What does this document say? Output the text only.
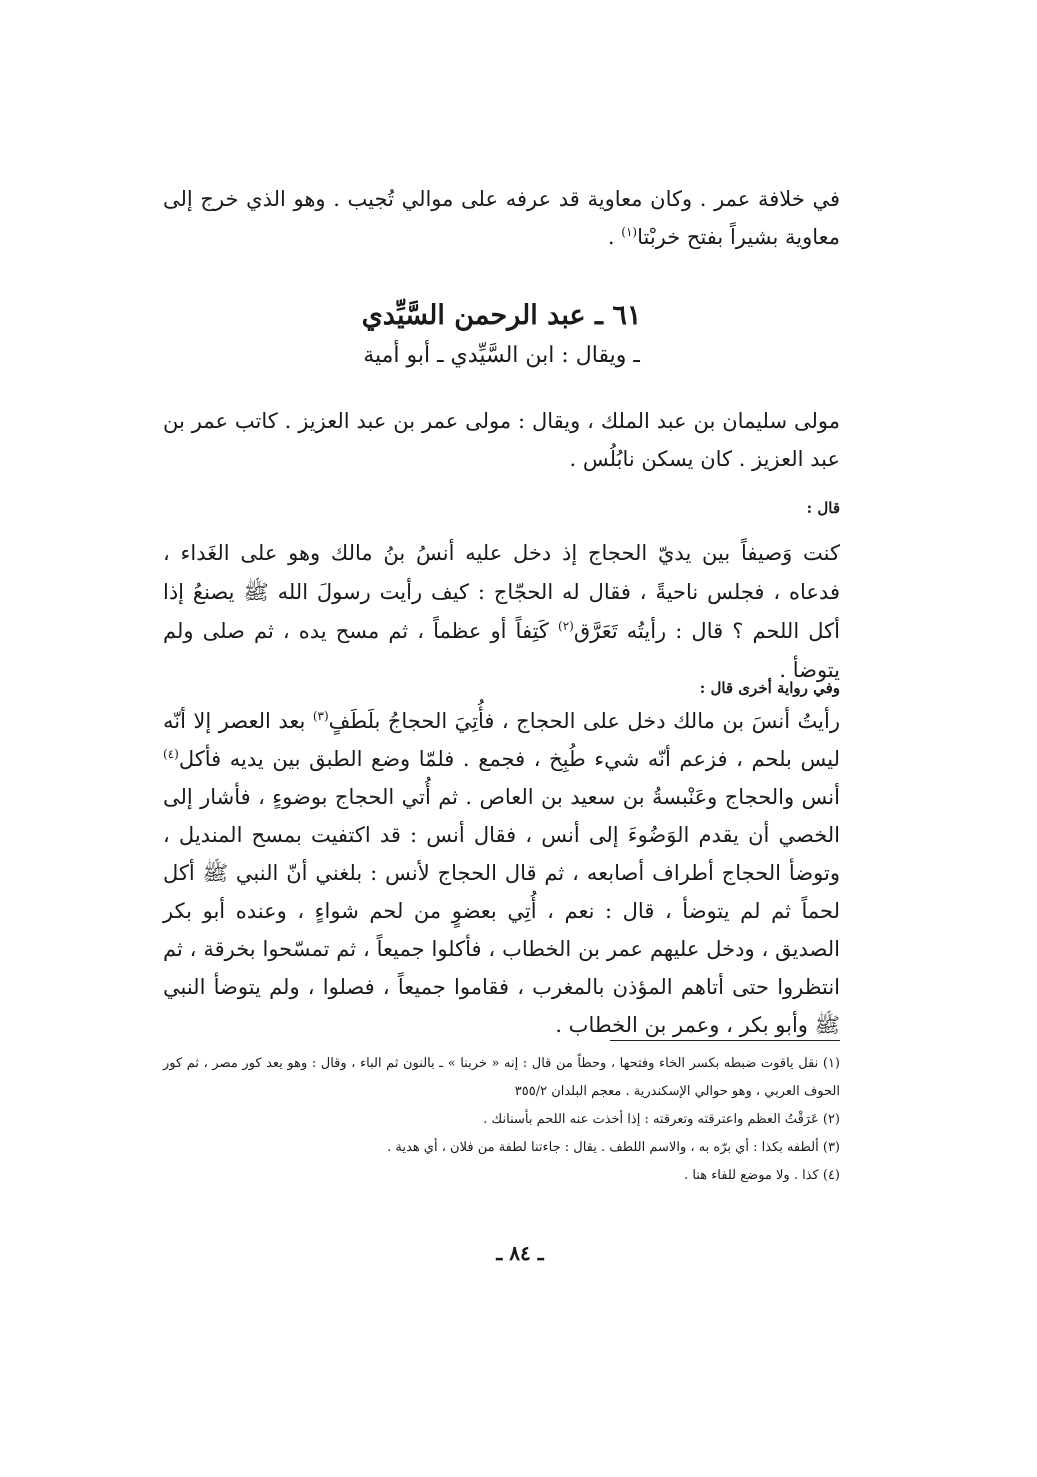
في خلافة عمر . وكان معاوية قد عرفه على موالي تُجيب . وهو الذي خرج إلى معاوية بشيراً بفتح خربْتا$^{(١)}$ .

٦١ ـ عبد الرحمن السَّيِّدي
ـ ويقال : ابن السَّيِّدي ـ أبو أمية

مولى سليمان بن عبد الملك ، ويقال : مولى عمر بن عبد العزيز . كاتب عمر بن عبد العزيز . كان يسكن نابُلُس .

قال :

كنت وَصيفاً بين يديّ الحجاج إذ دخل عليه أنسُ بنُ مالك وهو على الغَداء ، فدعاه ، فجلس ناحيةً ، فقال له الحجّاج : كيف رأيت رسولَ الله ﷺ يصنعُ إذا أكل اللحم ؟ قال : رأيتُه تَعَرَّق$^{(٢)}$ كَتِفاً أو عظماً ، ثم مسح يده ، ثم صلى ولم يتوضأ .

وفي رواية أخرى قال :

رأيتُ أنسَ بن مالك دخل على الحجاج ، فأُتِيَ الحجاجُ بلَطَفٍ$^{(٣)}$ بعد العصر إلا أنّه ليس بلحم ، فزعم أنّه شيء طُبِخ ، فجمع . فلمّا وضع الطبق بين يديه فأكل$^{(٤)}$ أنس والحجاج وعَنْبسةُ بن سعيد بن العاص . ثم أُتي الحجاج بوضوءٍ ، فأشار إلى الخصي أن يقدم الوَضُوءَ إلى أنس ، فقال أنس : قد اكتفيت بمسح المنديل ، وتوضأ الحجاج أطراف أصابعه ، ثم قال الحجاج لأنس : بلغني أنّ النبي ﷺ أكل لحماً ثم لم يتوضأ ، قال : نعم ، أُتِي بعضوٍ من لحم شواءٍ ، وعنده أبو بكر الصديق ، ودخل عليهم عمر بن الخطاب ، فأكلوا جميعاً ، ثم تمسّحوا بخرقة ، ثم انتظروا حتى أتاهم المؤذن بالمغرب ، فقاموا جميعاً ، فصلوا ، ولم يتوضأ النبي ﷺ وأبو بكر ، وعمر بن الخطاب .

(١) نقل ياقوت ضبطه بكسر الخاء وفتحها ، وحطاً من قال : إنه « خربنا » ـ بالنون ثم الباء ، وقال : وهو يعد كور مصر ، ثم كور الحوف العربي ، وهو حوالي الإسكندرية . معجم البلدان ٣٥٥/٢

(٢) عَرَقْتُ العظم واعترقته وتعرقته : إذا أخذت عنه اللحم بأسنانك .

(٣) ألطفه بكذا : أي برّه به ، والاسم اللطف . يقال : جاءتنا لطفة من فلان ، أي هدية .

(٤) كذا . ولا موضع للفاء هنا .

ـ ٨٤ ـ
